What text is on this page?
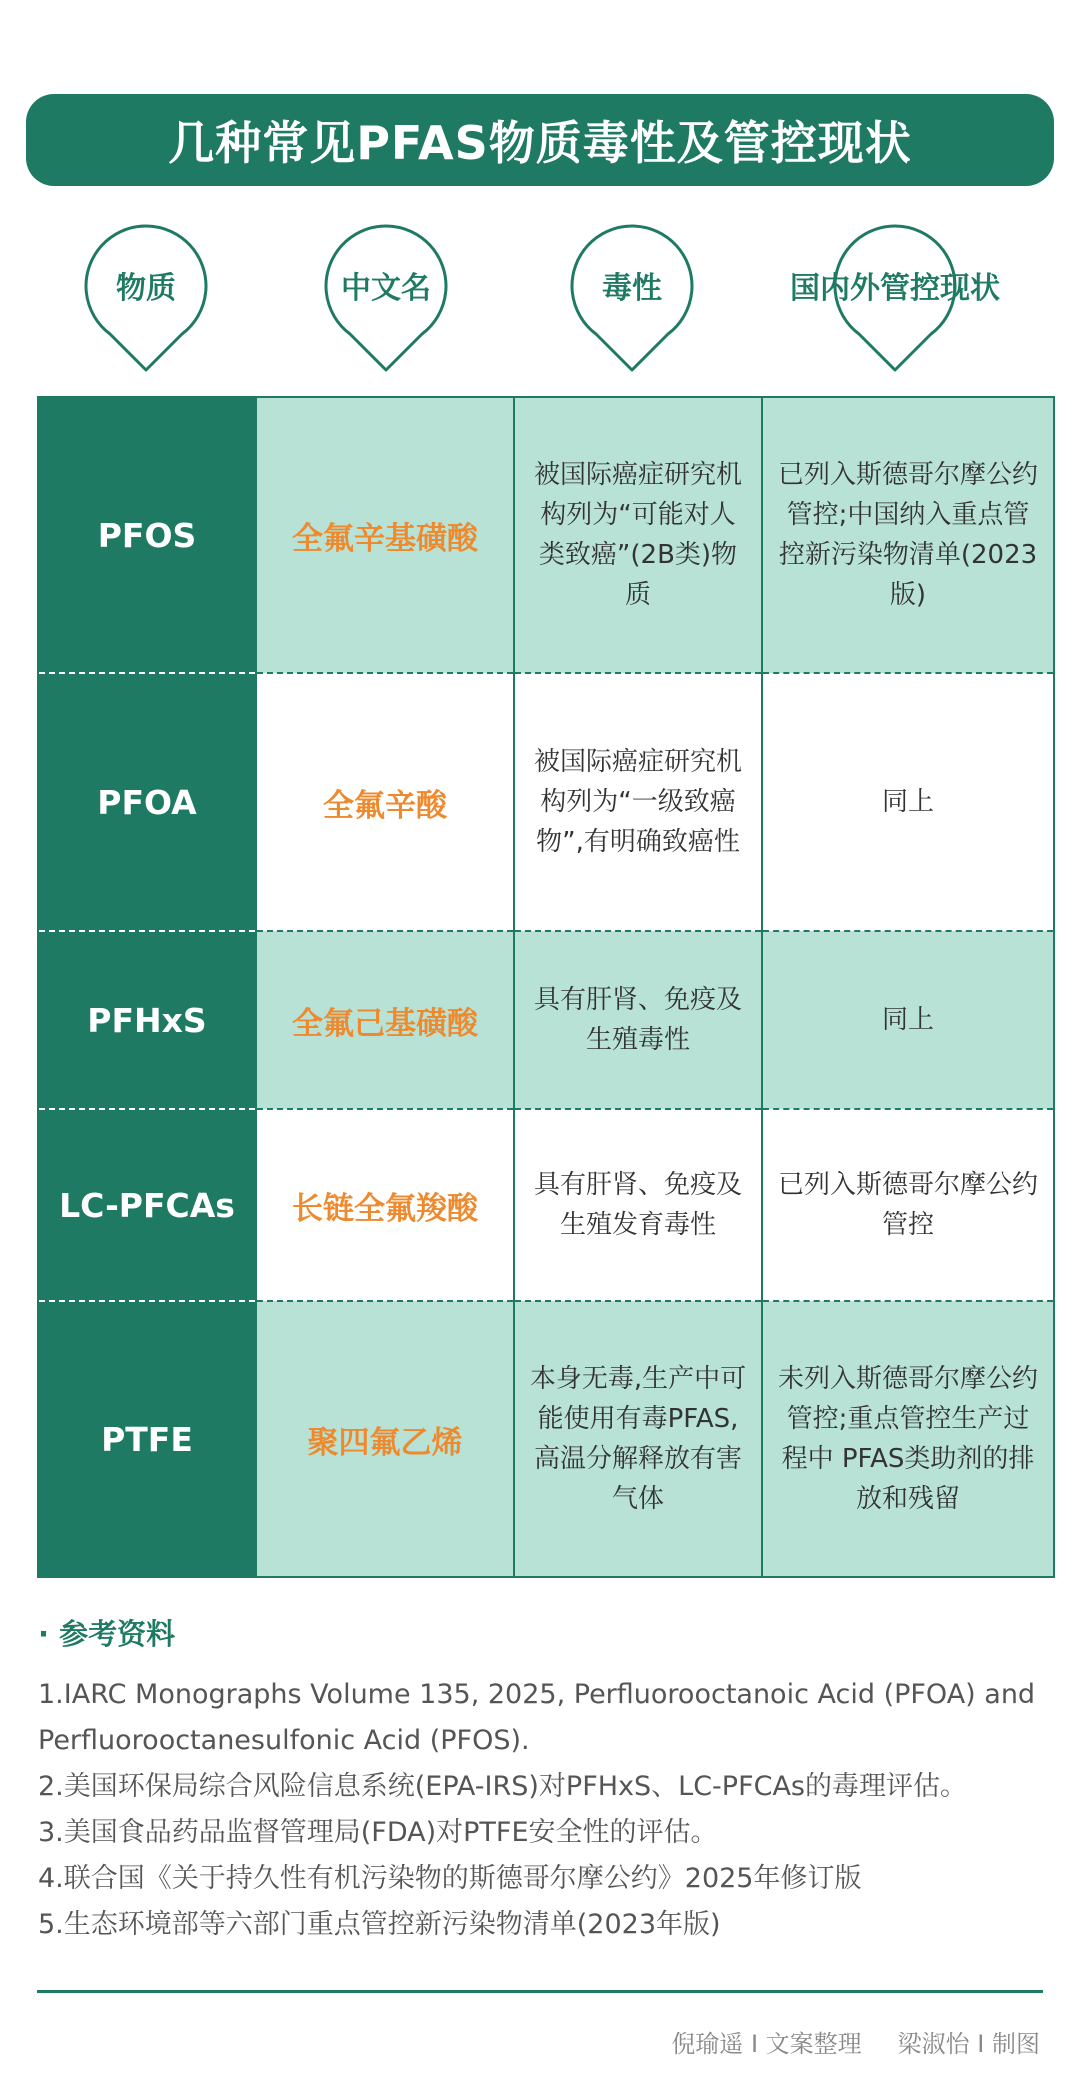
几种常见PFAS物质毒性及管控现状
物质	中文名	毒性	国内外管控现状
PFOS	全氟辛基磺酸	被国际癌症研究机构列为“可能对人类致癌”(2B类)物质	已列入斯德哥尔摩公约管控;中国纳入重点管控新污染物清单(2023版)
PFOA	全氟辛酸	被国际癌症研究机构列为“一级致癌物”,有明确致癌性	同上
PFHxS	全氟己基磺酸	具有肝肾、免疫及生殖毒性	同上
LC-PFCAs	长链全氟羧酸	具有肝肾、免疫及生殖发育毒性	已列入斯德哥尔摩公约管控
PTFE	聚四氟乙烯	本身无毒,生产中可能使用有毒PFAS,高温分解释放有害气体	未列入斯德哥尔摩公约管控;重点管控生产过程中 PFAS类助剂的排放和残留
· 参考资料
1.IARC Monographs Volume 135, 2025, Perfluorooctanoic Acid (PFOA) and Perfluorooctanesulfonic Acid (PFOS).
2.美国环保局综合风险信息系统(EPA-IRS)对PFHxS、LC-PFCAs的毒理评估。
3.美国食品药品监督管理局(FDA)对PTFE安全性的评估。
4.联合国《关于持久性有机污染物的斯德哥尔摩公约》2025年修订版
5.生态环境部等六部门重点管控新污染物清单(2023年版)
倪瑜遥 I 文案整理 梁淑怡 I 制图
